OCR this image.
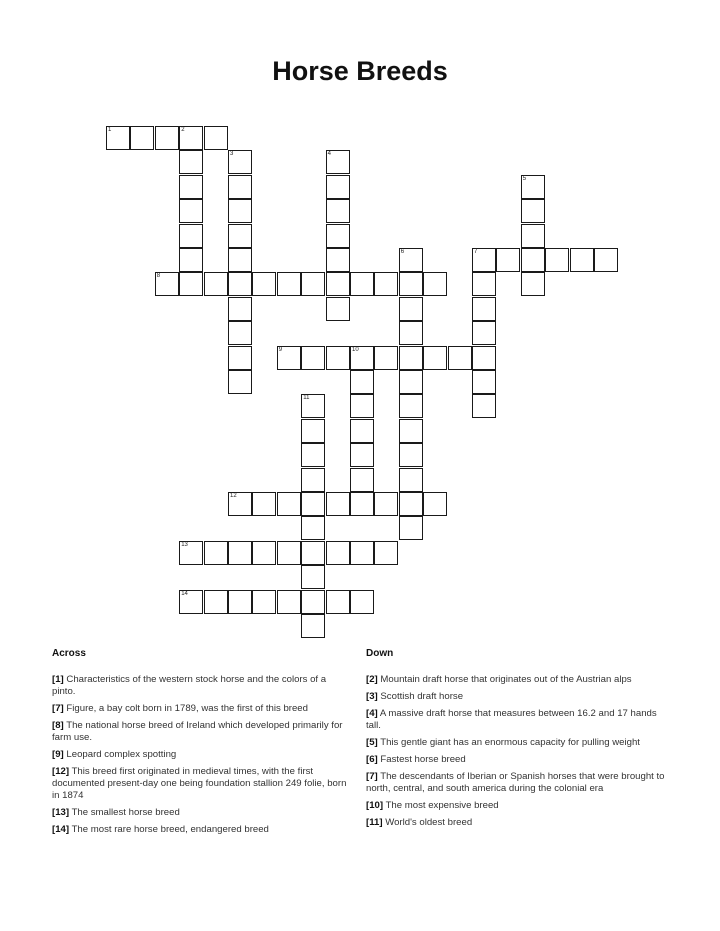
Horse Breeds
1	2
3	4
5
6	7
8
9	10
11
12
13
14
Across	Down
[1] Characteristics of the western stock horse and the colors of a pinto.
[7] Figure, a bay colt born in 1789, was the first of this breed
[8] The national horse breed of Ireland which developed primarily for farm use.
[9] Leopard complex spotting
[12] This breed first originated in medieval times, with the first documented present-day one being foundation stallion 249 folie, born in 1874
[13] The smallest horse breed
[14] The most rare horse breed, endangered breed
[2] Mountain draft horse that originates out of the Austrian alps
[3] Scottish draft horse
[4] A massive draft horse that measures between 16.2 and 17 hands tall.
[5] This gentle giant has an enormous capacity for pulling weight
[6] Fastest horse breed
[7] The descendants of Iberian or Spanish horses that were brought to north, central, and south america during the colonial era
[10] The most expensive breed
[11] World's oldest breed
